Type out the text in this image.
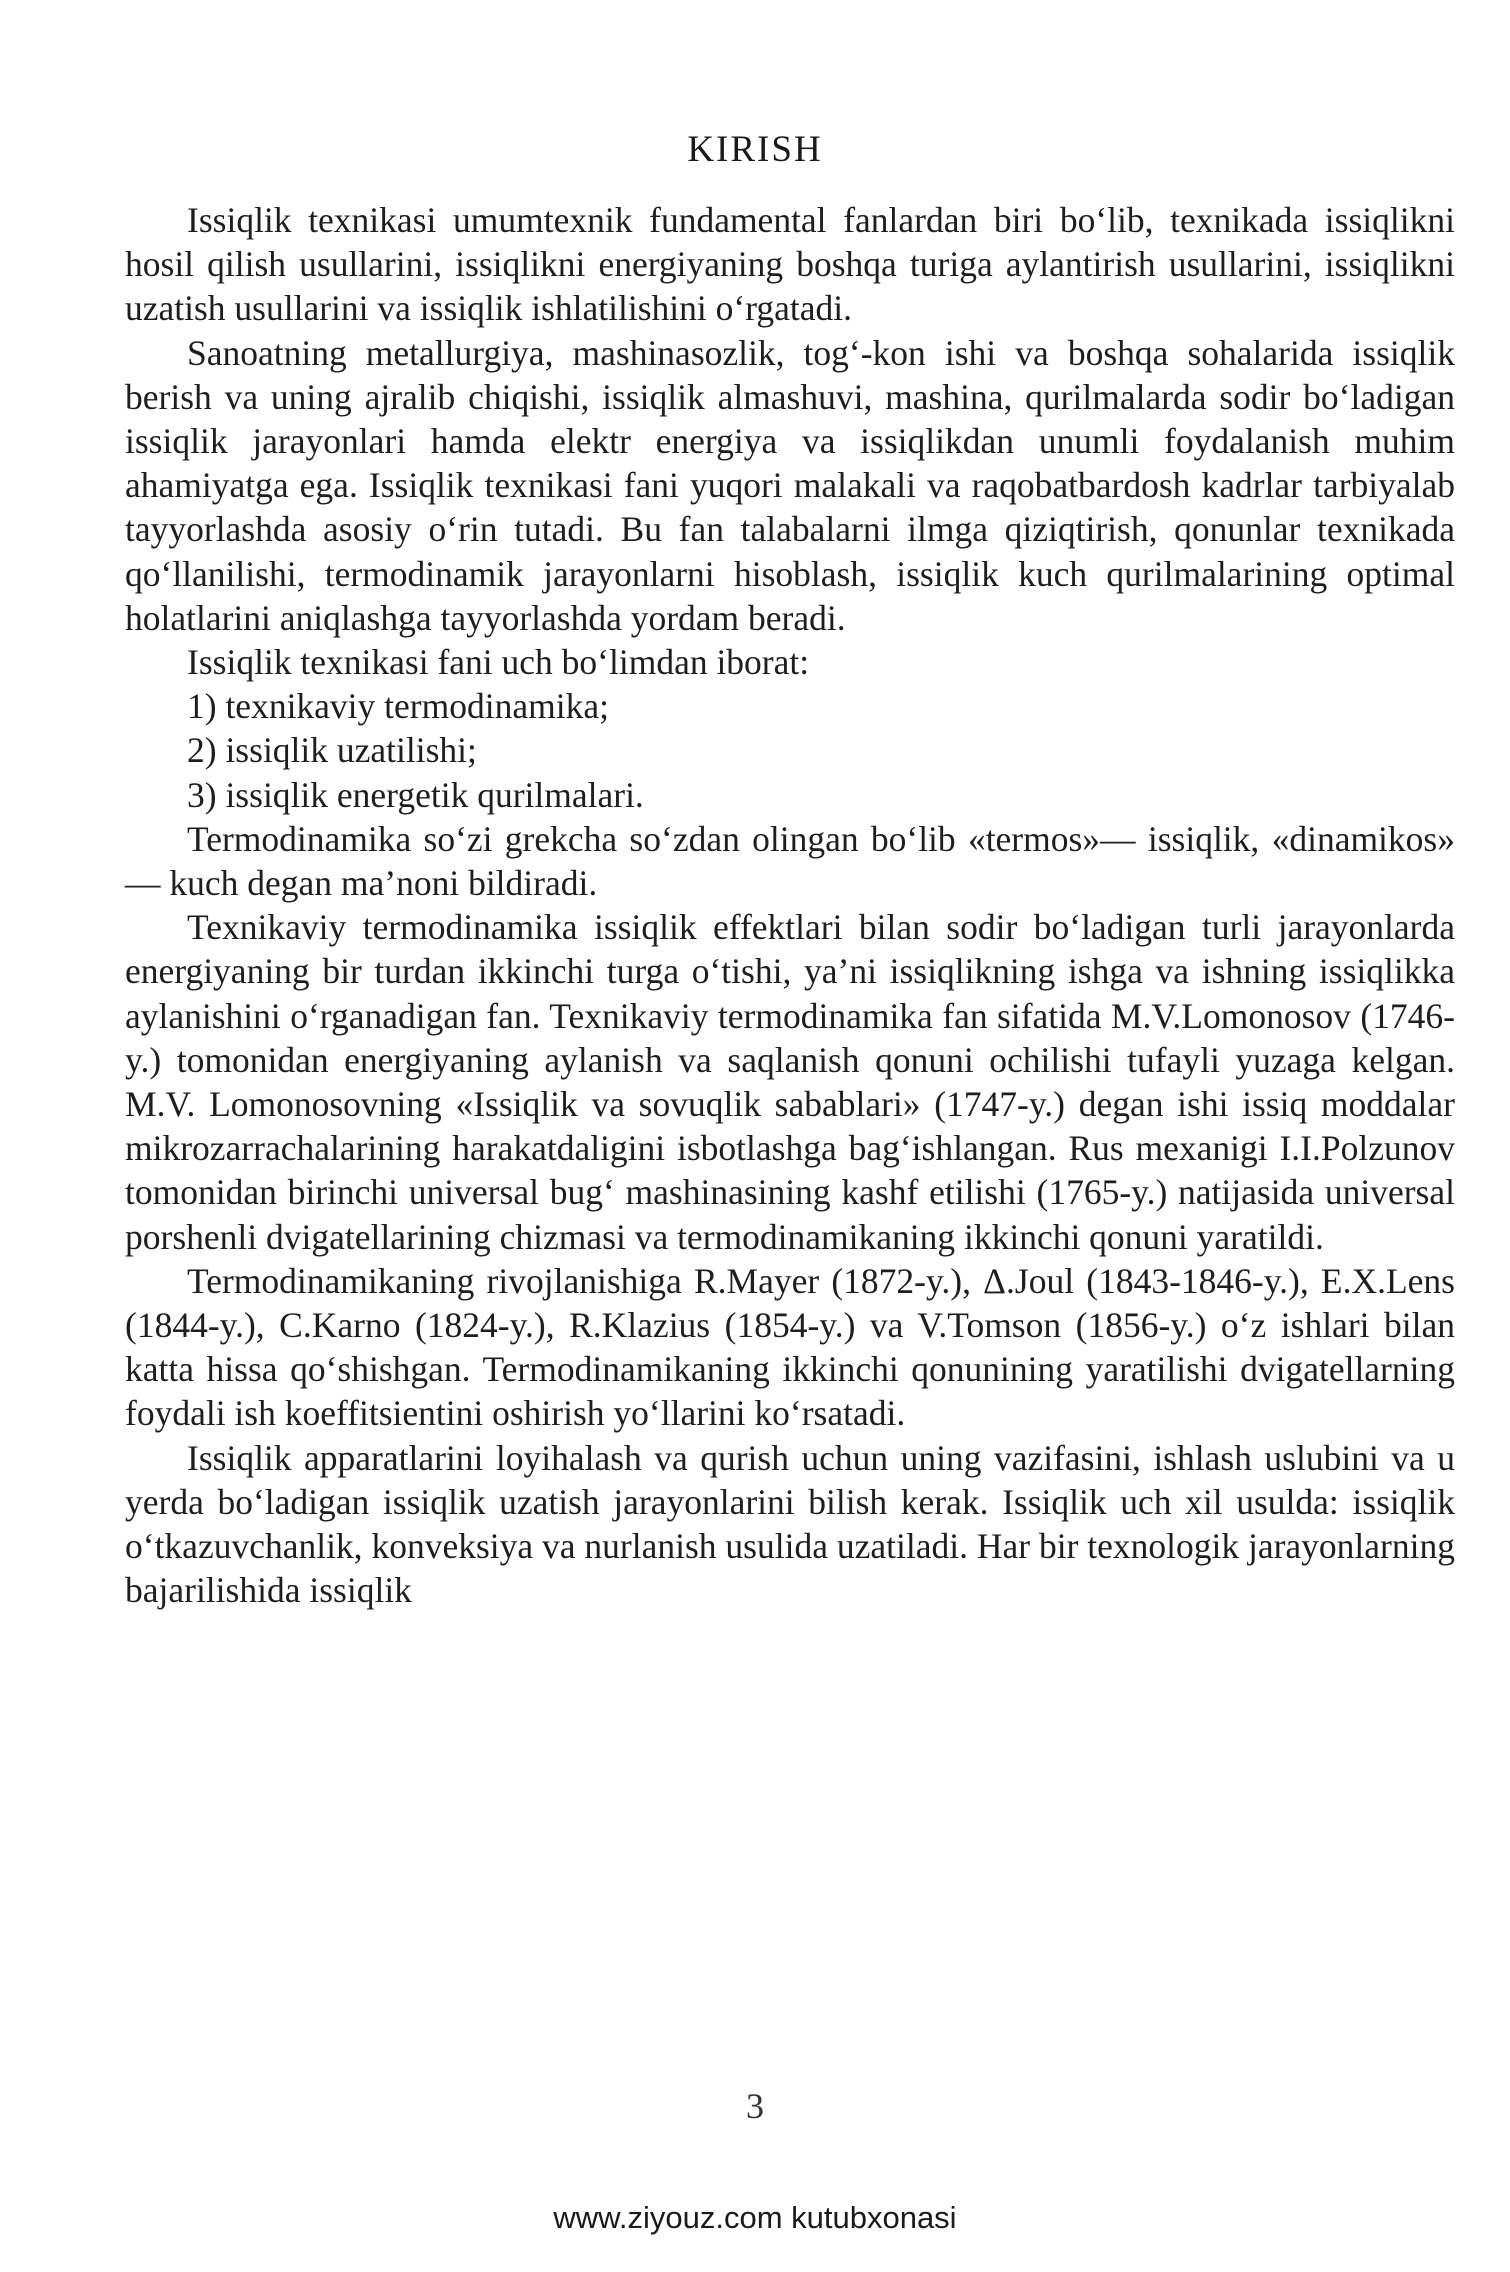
KIRISH

Issiqlik texnikasi umumtexnik fundamental fanlardan biri bo‘lib, texnikada issiqlikni hosil qilish usullarini, issiqlikni energiyaning boshqa turiga aylantirish usullarini, issiqlikni uzatish usullarini va issiqlik ishlatilishini o‘rgatadi.

Sanoatning metallurgiya, mashinasozlik, tog‘-kon ishi va boshqa sohalarida issiqlik berish va uning ajralib chiqishi, issiqlik almashuvi, mashina, qurilmalarda sodir bo‘ladigan issiqlik jarayonlari hamda elektr energiya va issiqlikdan unumli foydalanish muhim ahamiyatga ega. Issiqlik texnikasi fani yuqori malakali va raqobatbardosh kadrlar tarbiyalab tayyorlashda asosiy o‘rin tutadi. Bu fan talabalarni ilmga qiziqtirish, qonunlar texnikada qo‘llanilishi, termodinamik jarayonlarni hisoblash, issiqlik kuch qurilmalarining optimal holatlarini aniqlashga tayyorlashda yordam beradi.

Issiqlik texnikasi fani uch bo‘limdan iborat:

1) texnikaviy termodinamika;

2) issiqlik uzatilishi;

3) issiqlik energetik qurilmalari.

Termodinamika so‘zi grekcha so‘zdan olingan bo‘lib «termos»— issiqlik, «dinamikos» — kuch degan ma’noni bildiradi.

Texnikaviy termodinamika issiqlik effektlari bilan sodir bo‘ladigan turli jarayonlarda energiyaning bir turdan ikkinchi turga o‘tishi, ya’ni issiqlikning ishga va ishning issiqlikka aylanishini o‘rganadigan fan. Texnikaviy termodinamika fan sifatida M.V.Lomonosov (1746-y.) tomonidan energiyaning aylanish va saqlanish qonuni ochilishi tufayli yuzaga kelgan. M.V. Lomonosovning «Issiqlik va sovuqlik sabablari» (1747-y.) degan ishi issiq moddalar mikrozarrachalarining harakatdaligini isbotlashga bag‘ishlangan. Rus mexanigi I.I.Polzunov tomonidan birinchi universal bug‘ mashinasining kashf etilishi (1765-y.) natijasida universal porshenli dvigatellarining chizmasi va termodinamikaning ikkinchi qonuni yaratildi.

Termodinamikaning rivojlanishiga R.Mayer (1872-y.), Δ.Joul (1843-1846-y.), E.X.Lens (1844-y.), C.Karno (1824-y.), R.Klazius (1854-y.) va V.Tomson (1856-y.) o‘z ishlari bilan katta hissa qo‘shishgan. Termodinamikaning ikkinchi qonunining yaratilishi dvigatellarning foydali ish koeffitsientini oshirish yo‘llarini ko‘rsatadi.

Issiqlik apparatlarini loyihalash va qurish uchun uning vazifasini, ishlash uslubini va u yerda bo‘ladigan issiqlik uzatish jarayonlarini bilish kerak. Issiqlik uch xil usulda: issiqlik o‘tkazuvchanlik, konveksiya va nurlanish usulida uzatiladi. Har bir texnologik jarayonlarning bajarilishida issiqlik

3
www.ziyouz.com kutubxonasi
